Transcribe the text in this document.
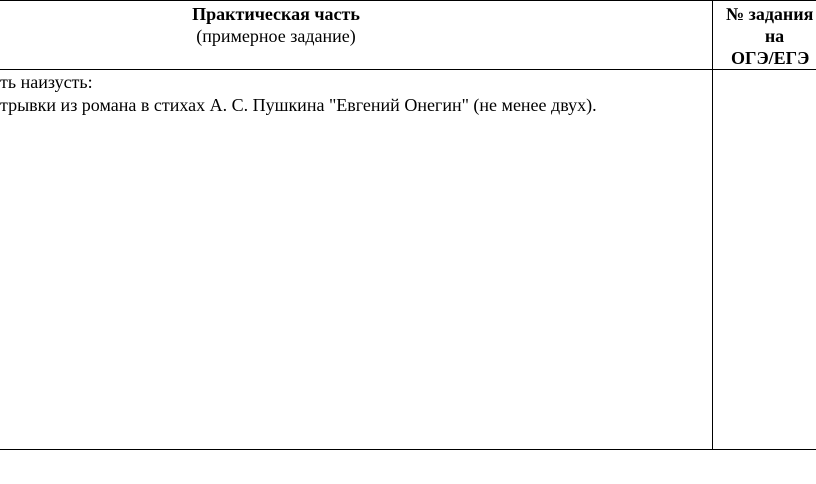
Практическая часть
(примерное задание)
№ задания
на
ОГЭ/ЕГЭ
ть наизусть:
трывки из романа в стихах А. С. Пушкина "Евгений Онегин" (не менее двух).
